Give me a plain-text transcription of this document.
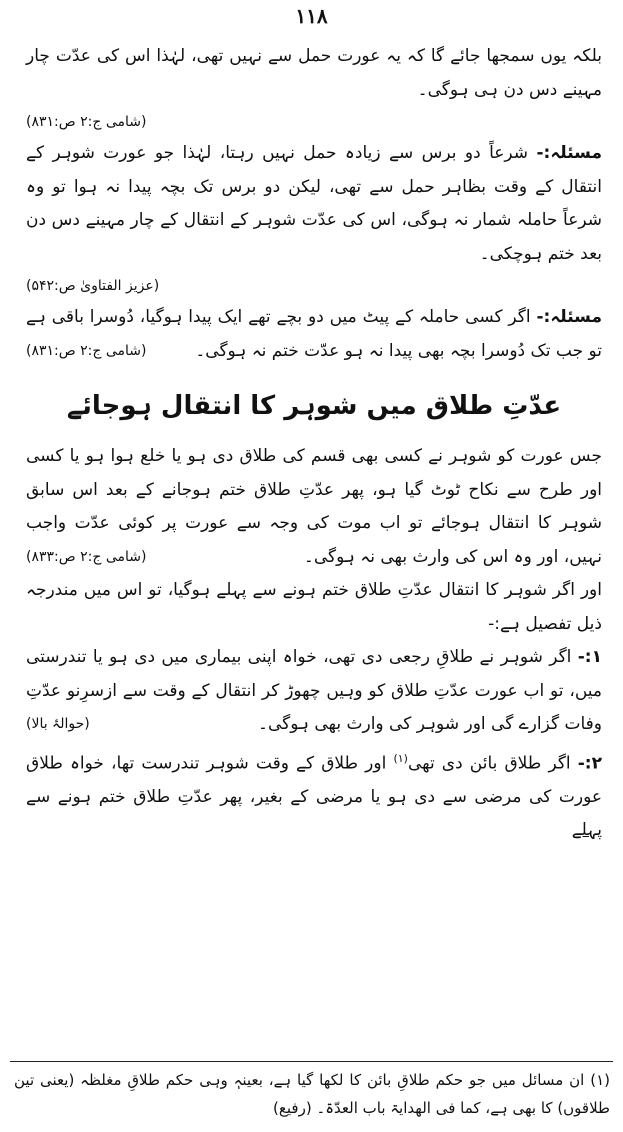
۱۱۸

بلکہ یوں سمجھا جائے گا کہ یہ عورت حمل سے نہیں تھی، لہٰذا اس کی عدّت چار مہینے دس دن ہی ہوگی۔

(شامی ج:۲ ص:۸۳۱)

مسئلہ:- شرعاً دو برس سے زیادہ حمل نہیں رہتا، لہٰذا جو عورت شوہر کے انتقال کے وقت بظاہر حمل سے تھی، لیکن دو برس تک بچہ پیدا نہ ہوا تو وہ شرعاً حاملہ شمار نہ ہوگی، اس کی عدّت شوہر کے انتقال کے چار مہینے دس دن بعد ختم ہوچکی۔

(عزیز الفتاویٰ ص:۵۴۲)

مسئلہ:- اگر کسی حاملہ کے پیٹ میں دو بچے تھے ایک پیدا ہوگیا، دُوسرا باقی ہے تو جب تک دُوسرا بچہ بھی پیدا نہ ہو عدّت ختم نہ ہوگی۔
(شامی ج:۲ ص:۸۳۱)

عدّتِ طلاق میں شوہر کا انتقال ہوجائے

جس عورت کو شوہر نے کسی بھی قسم کی طلاق دی ہو یا خلع ہوا ہو یا کسی اور طرح سے نکاح ٹوٹ گیا ہو، پھر عدّتِ طلاق ختم ہوجانے کے بعد اس سابق شوہر کا انتقال ہوجائے تو اب موت کی وجہ سے عورت پر کوئی عدّت واجب نہیں، اور وہ اس کی وارث بھی نہ ہوگی۔
(شامی ج:۲ ص:۸۳۳)

اور اگر شوہر کا انتقال عدّتِ طلاق ختم ہونے سے پہلے ہوگیا، تو اس میں مندرجہ ذیل تفصیل ہے:-

۱:- اگر شوہر نے طلاقِ رجعی دی تھی، خواہ اپنی بیماری میں دی ہو یا تندرستی میں، تو اب عورت عدّتِ طلاق کو وہیں چھوڑ کر انتقال کے وقت سے ازسرِنو عدّتِ وفات گزارے گی اور شوہر کی وارث بھی ہوگی۔
(حوالۂ بالا)

۲:- اگر طلاق بائن دی تھی$^{(۱)}$ اور طلاق کے وقت شوہر تندرست تھا، خواہ طلاق عورت کی مرضی سے دی ہو یا مرضی کے بغیر، پھر عدّتِ طلاق ختم ہونے سے پہلے

(۱) ان مسائل میں جو حکم طلاقِ بائن کا لکھا گیا ہے، بعینہٖ وہی حکم طلاقِ مغلظہ (یعنی تین طلاقوں) کا بھی ہے، کما فی الھدایۃ باب العدّۃ۔ (رفیع)
